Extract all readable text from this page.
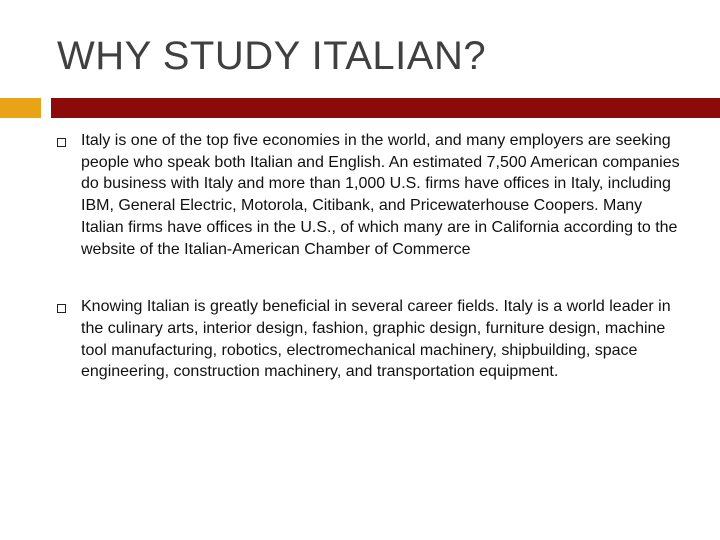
WHY STUDY ITALIAN?
Italy is one of the top five economies in the world, and many employers are seeking people who speak both Italian and English. An estimated 7,500 American companies do business with Italy and more than 1,000 U.S. firms have offices in Italy, including IBM, General Electric, Motorola, Citibank, and Pricewaterhouse Coopers. Many Italian firms have offices in the U.S., of which many are in California according to the website of the Italian-American Chamber of Commerce
Knowing Italian is greatly beneficial in several career fields. Italy is a world leader in the culinary arts, interior design, fashion, graphic design, furniture design, machine tool manufacturing, robotics, electromechanical machinery, shipbuilding, space engineering, construction machinery, and transportation equipment.
